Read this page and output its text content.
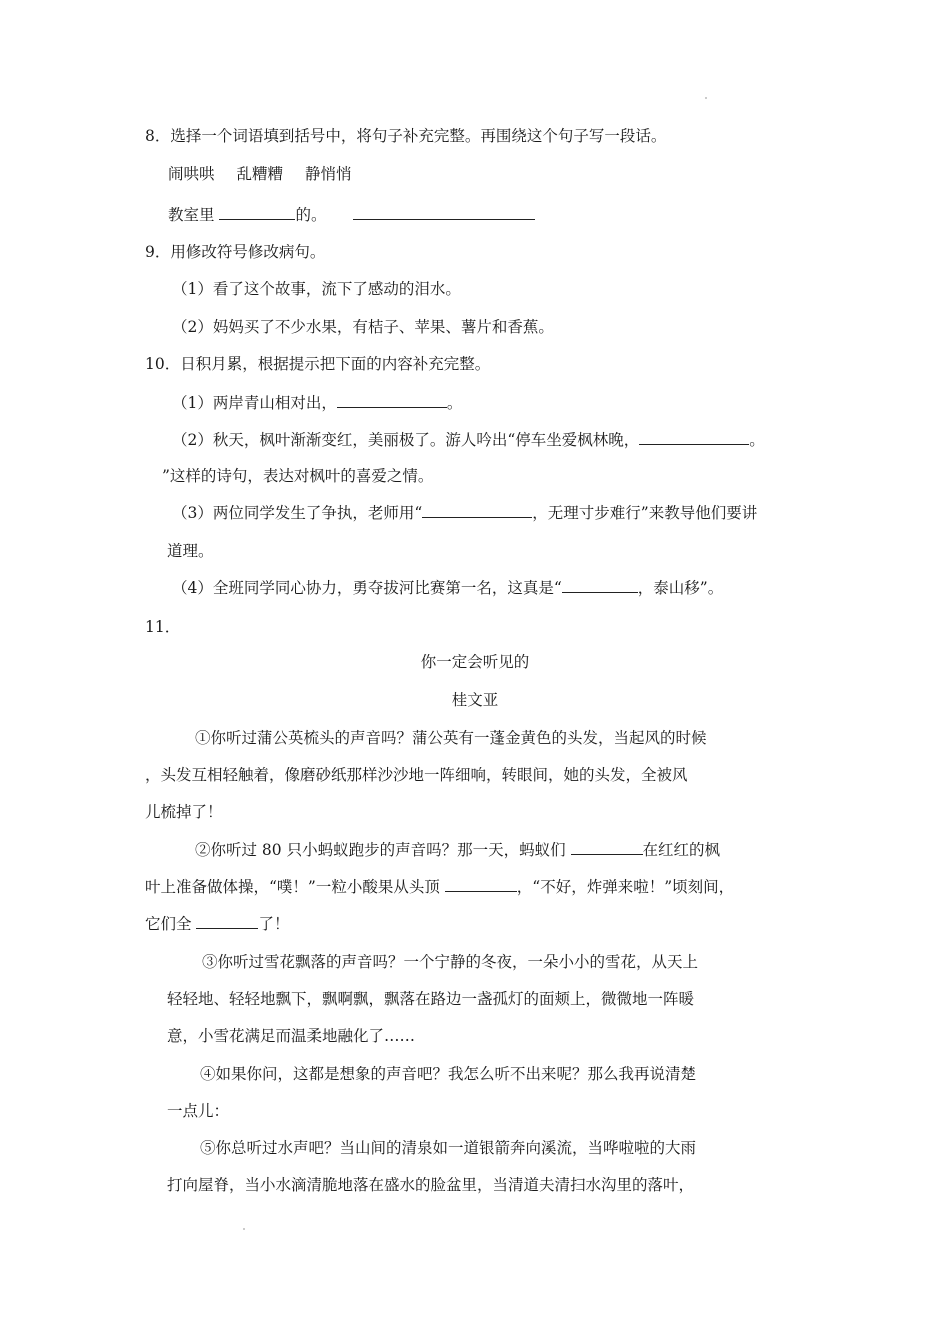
8．选择一个词语填到括号中，将句子补充完整。再围绕这个句子写一段话。
闹哄哄 乱糟糟 静悄悄
教室里	的。
9．用修改符号修改病句。
（1）看了这个故事，流下了感动的泪水。
（2）妈妈买了不少水果，有桔子、苹果、薯片和香蕉。
10．日积月累，根据提示把下面的内容补充完整。
（1）两岸青山相对出，	。
（2）秋天，枫叶渐渐变红，美丽极了。游人吟出“停车坐爱枫林晚，	。
”这样的诗句，表达对枫叶的喜爱之情。
（3）两位同学发生了争执，老师用“	，无理寸步难行”来教导他们要讲
道理。
（4）全班同学同心协力，勇夺拔河比赛第一名，这真是“	，泰山移”。
11．
你一定会听见的
桂文亚
①你听过蒲公英梳头的声音吗？蒲公英有一蓬金黄色的头发，当起风的时候
，头发互相轻触着，像磨砂纸那样沙沙地一阵细响，转眼间，她的头发，全被风
儿梳掉了！
②你听过 80 只小蚂蚁跑步的声音吗？那一天，蚂蚁们	在红红的枫
叶上准备做体操，“噗！”一粒小酸果从头顶	，“不好，炸弹来啦！”顷刻间，
它们全	了！
③你听过雪花飘落的声音吗？一个宁静的冬夜，一朵小小的雪花，从天上
轻轻地、轻轻地飘下，飘啊飘，飘落在路边一盏孤灯的面颊上，微微地一阵暖
意，小雪花满足而温柔地融化了……
④如果你问，这都是想象的声音吧？我怎么听不出来呢？那么我再说清楚
一点儿：
⑤你总听过水声吧？当山间的清泉如一道银箭奔向溪流，当哗啦啦的大雨
打向屋脊，当小水滴清脆地落在盛水的脸盆里，当清道夫清扫水沟里的落叶，
